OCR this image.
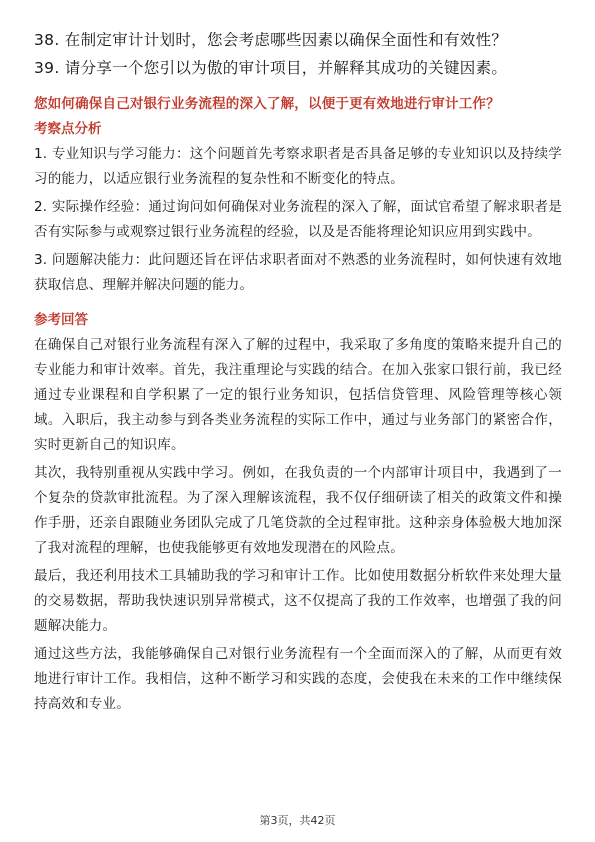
38. 在制定审计计划时，您会考虑哪些因素以确保全面性和有效性？
39. 请分享一个您引以为傲的审计项目，并解释其成功的关键因素。

您如何确保自己对银行业务流程的深入了解，以便于更有效地进行审计工作？

考察点分析

1. 专业知识与学习能力：这个问题首先考察求职者是否具备足够的专业知识以及持续学习的能力，以适应银行业务流程的复杂性和不断变化的特点。

2. 实际操作经验：通过询问如何确保对业务流程的深入了解，面试官希望了解求职者是否有实际参与或观察过银行业务流程的经验，以及是否能将理论知识应用到实践中。

3. 问题解决能力：此问题还旨在评估求职者面对不熟悉的业务流程时，如何快速有效地获取信息、理解并解决问题的能力。

参考回答

在确保自己对银行业务流程有深入了解的过程中，我采取了多角度的策略来提升自己的专业能力和审计效率。首先，我注重理论与实践的结合。在加入张家口银行前，我已经通过专业课程和自学积累了一定的银行业务知识，包括信贷管理、风险管理等核心领域。入职后，我主动参与到各类业务流程的实际工作中，通过与业务部门的紧密合作，实时更新自己的知识库。

其次，我特别重视从实践中学习。例如，在我负责的一个内部审计项目中，我遇到了一个复杂的贷款审批流程。为了深入理解该流程，我不仅仔细研读了相关的政策文件和操作手册，还亲自跟随业务团队完成了几笔贷款的全过程审批。这种亲身体验极大地加深了我对流程的理解，也使我能够更有效地发现潜在的风险点。

最后，我还利用技术工具辅助我的学习和审计工作。比如使用数据分析软件来处理大量的交易数据，帮助我快速识别异常模式，这不仅提高了我的工作效率，也增强了我的问题解决能力。

通过这些方法，我能够确保自己对银行业务流程有一个全面而深入的了解，从而更有效地进行审计工作。我相信，这种不断学习和实践的态度，会使我在未来的工作中继续保持高效和专业。

第3页，共42页
